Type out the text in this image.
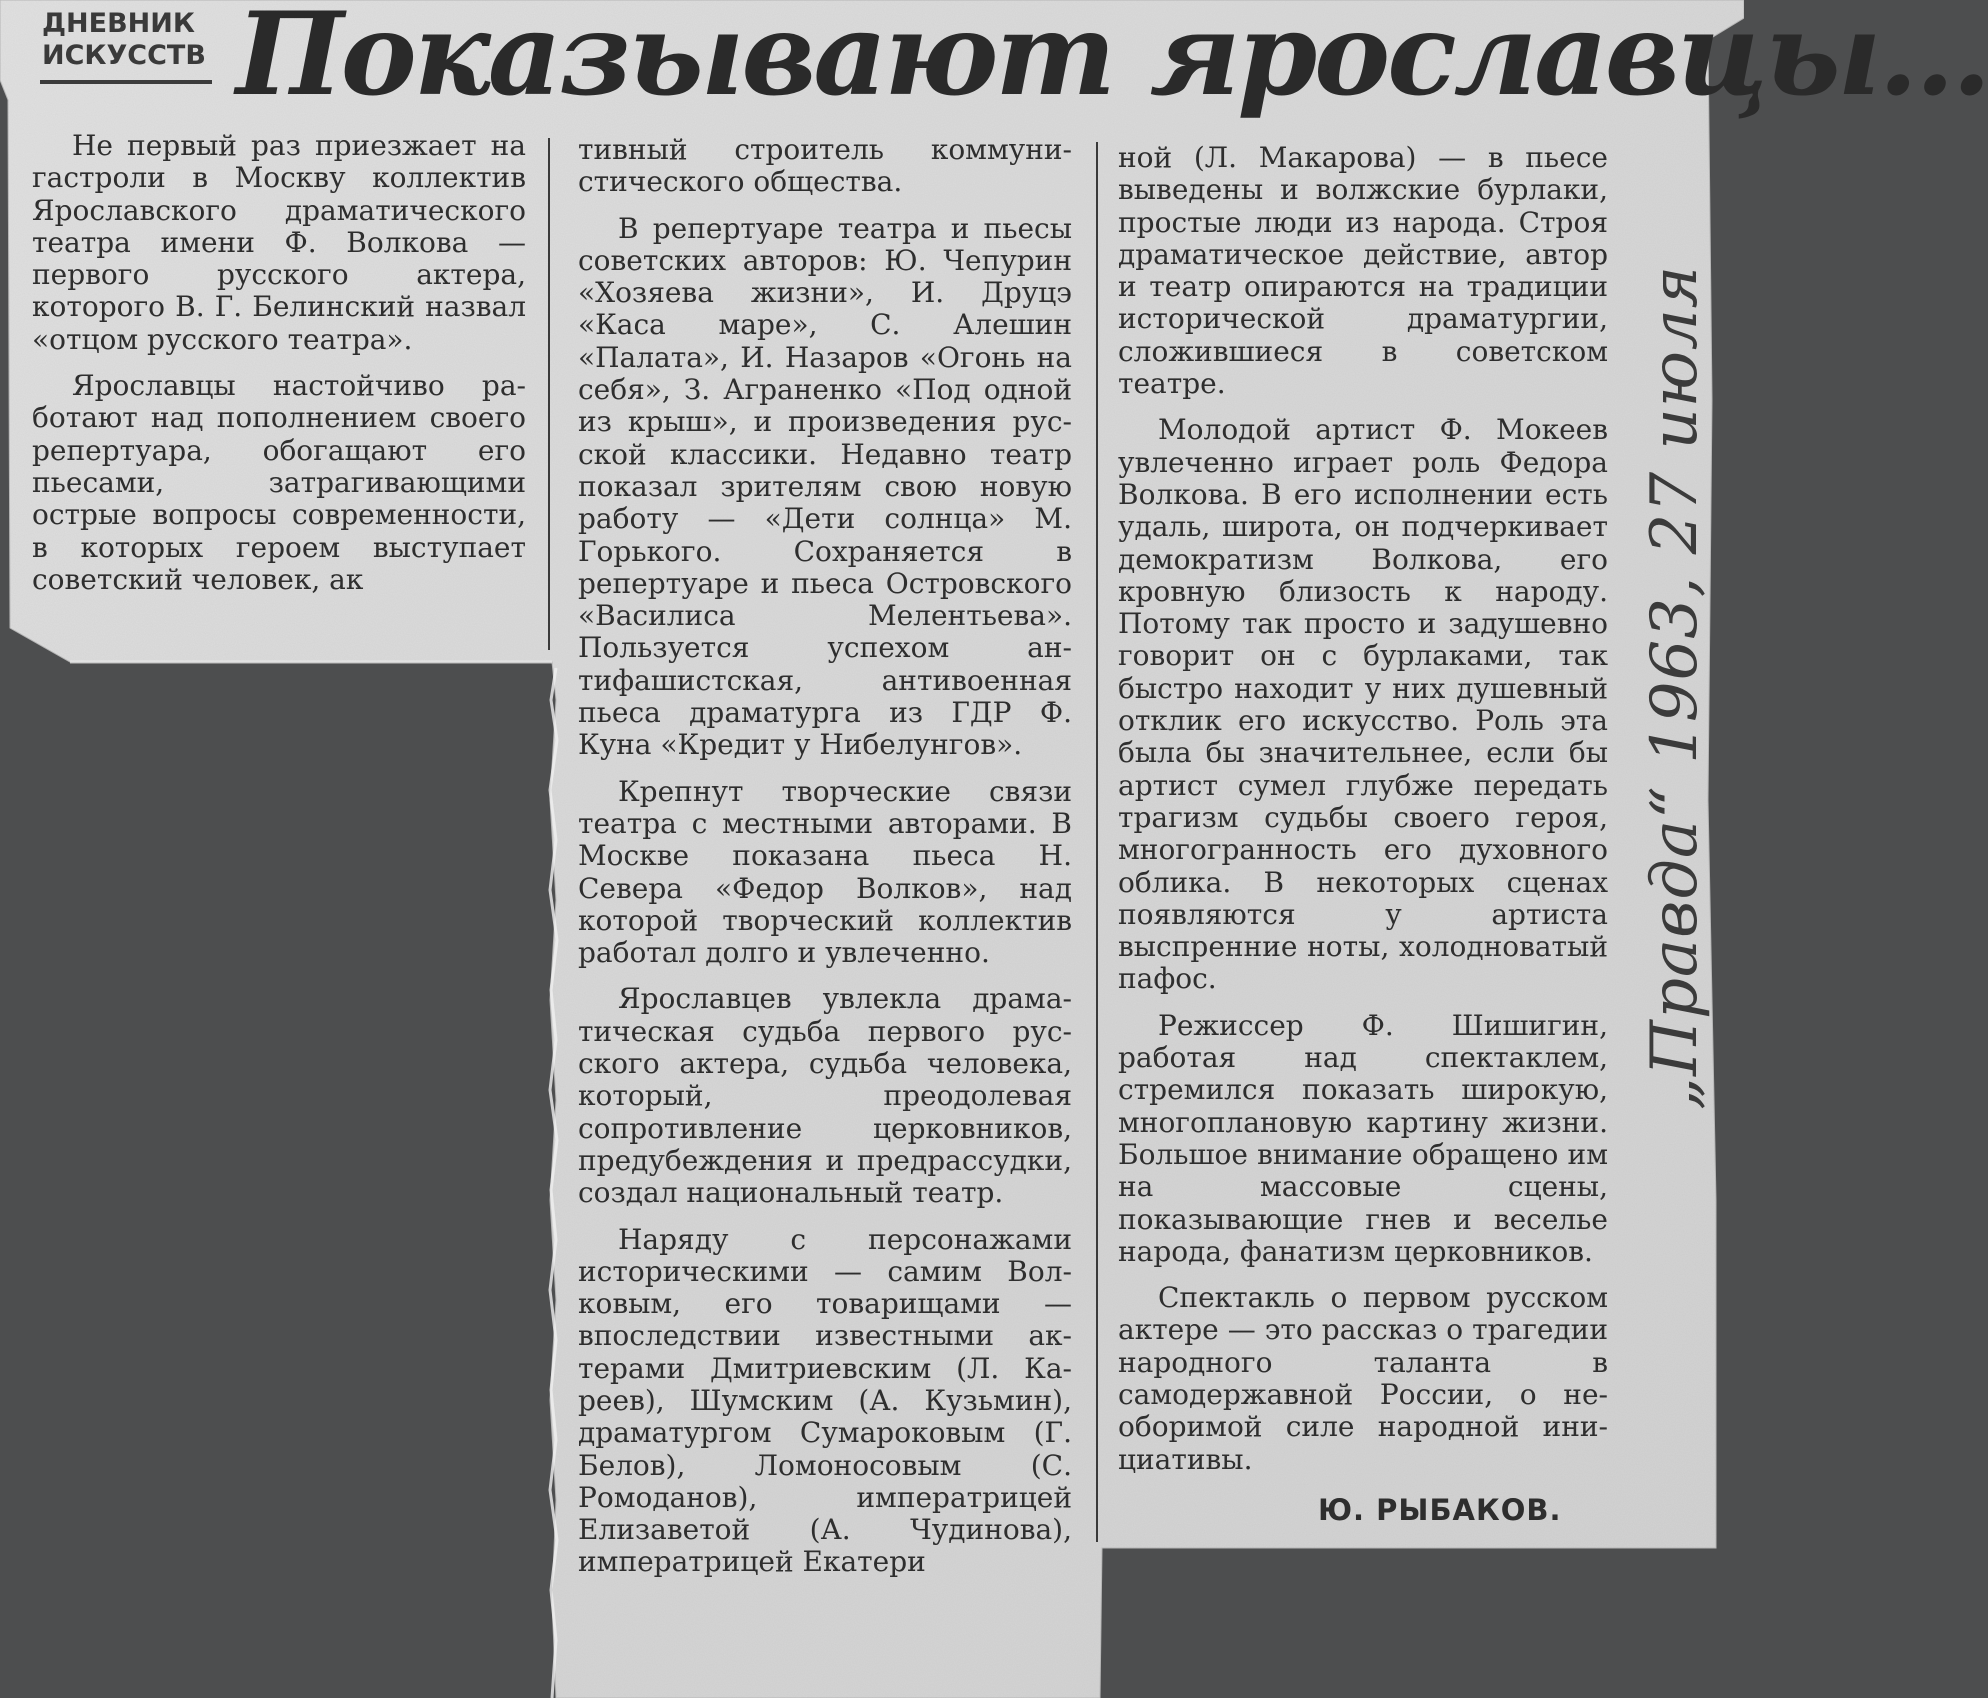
ДНЕВНИК
ИСКУССТВ Показывают ярославцы...

Не первый раз приезжает на гастроли в Москву коллектив Ярославского драматического театра имени Ф. Волкова — первого русского актера, которого В. Г. Белинский назвал «отцом русского театра».

Ярославцы настойчиво работают над пополнением своего репертуара, обогащают его пьесами, затрагивающими острые вопросы современности, в которых героем выступает советский человек, ак

тивный строитель коммунистического общества.

В репертуаре театра и пьесы советских авторов: Ю. Чепурин «Хозяева жизни», И. Друцэ «Каса маре», С. Алешин «Палата», И. Назаров «Огонь на себя», З. Аграненко «Под одной из крыш», и произведения русской классики. Недавно театр показал зрителям свою новую работу — «Дети солнца» М. Горького. Сохраняется в репертуаре и пьеса Островского «Василиса Мелентьева». Пользуется успехом антифашистская, антивоенная пьеса драматурга из ГДР Ф. Куна «Кредит у Нибелунгов».

Крепнут творческие связи театра с местными авторами. В Москве показана пьеса Н. Севера «Федор Волков», над которой творческий коллектив работал долго и увлеченно.

Ярославцев увлекла драматическая судьба первого русского актера, судьба человека, который, преодолевая сопротивление церковников, предубеждения и предрассудки, создал национальный театр.

Наряду с персонажами историческими — самим Волковым, его товарищами — впоследствии известными актерами Дмитриевским (Л. Кареев), Шумским (А. Кузьмин), драматургом Сумароковым (Г. Белов), Ломоносовым (С. Ромоданов), императрицей Елизаветой (А. Чудинова), императрицей Екатери

ной (Л. Макарова) — в пьесе выведены и волжские бурлаки, простые люди из народа. Строя драматическое действие, автор и театр опираются на традиции исторической драматургии, сложившиеся в советском театре.

Молодой артист Ф. Мокеев увлеченно играет роль Федора Волкова. В его исполнении есть удаль, широта, он подчеркивает демократизм Волкова, его кровную близость к народу. Потому так просто и задушевно говорит он с бурлаками, так быстро находит у них душевный отклик его искусство. Роль эта была бы значительнее, если бы артист сумел глубже передать трагизм судьбы своего героя, многогранность его духовного облика. В некоторых сценах появляются у артиста выспренние ноты, холодноватый пафос.

Режиссер Ф. Шишигин, работая над спектаклем, стремился показать широкую, многоплановую картину жизни. Большое внимание обращено им на массовые сцены, показывающие гнев и веселье народа, фанатизм церковников.

Спектакль о первом русском актере — это рассказ о трагедии народного таланта в самодержавной России, о необоримой силе народной инициативы.

Ю. РЫБАКОВ.
„Правда“ 1963, 27 июля
